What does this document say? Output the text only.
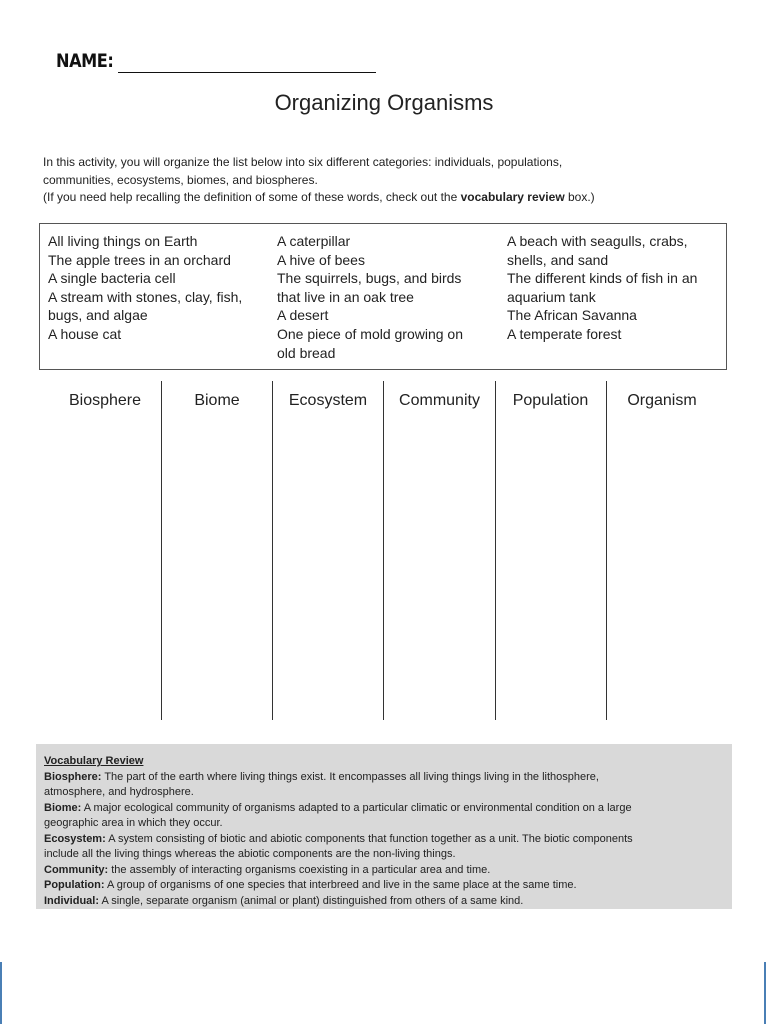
NAME:
Organizing Organisms
In this activity, you will organize the list below into six different categories: individuals, populations,
communities, ecosystems, biomes, and biospheres.
(If you need help recalling the definition of some of these words, check out the vocabulary review box.)
All living things on Earth
The apple trees in an orchard
A single bacteria cell
A stream with stones, clay, fish,
bugs, and algae
A house cat
A caterpillar
A hive of bees
The squirrels, bugs, and birds
that live in an oak tree
A desert
One piece of mold growing on
old bread
A beach with seagulls, crabs,
shells, and sand
The different kinds of fish in an
aquarium tank
The African Savanna
A temperate forest
Biosphere	Biome	Ecosystem	Community	Population	Organism
Vocabulary Review
Biosphere: The part of the earth where living things exist. It encompasses all living things living in the lithosphere,
atmosphere, and hydrosphere.
Biome: A major ecological community of organisms adapted to a particular climatic or environmental condition on a large
geographic area in which they occur.
Ecosystem: A system consisting of biotic and abiotic components that function together as a unit. The biotic components
include all the living things whereas the abiotic components are the non-living things.
Community: the assembly of interacting organisms coexisting in a particular area and time.
Population: A group of organisms of one species that interbreed and live in the same place at the same time.
Individual: A single, separate organism (animal or plant) distinguished from others of a same kind.
